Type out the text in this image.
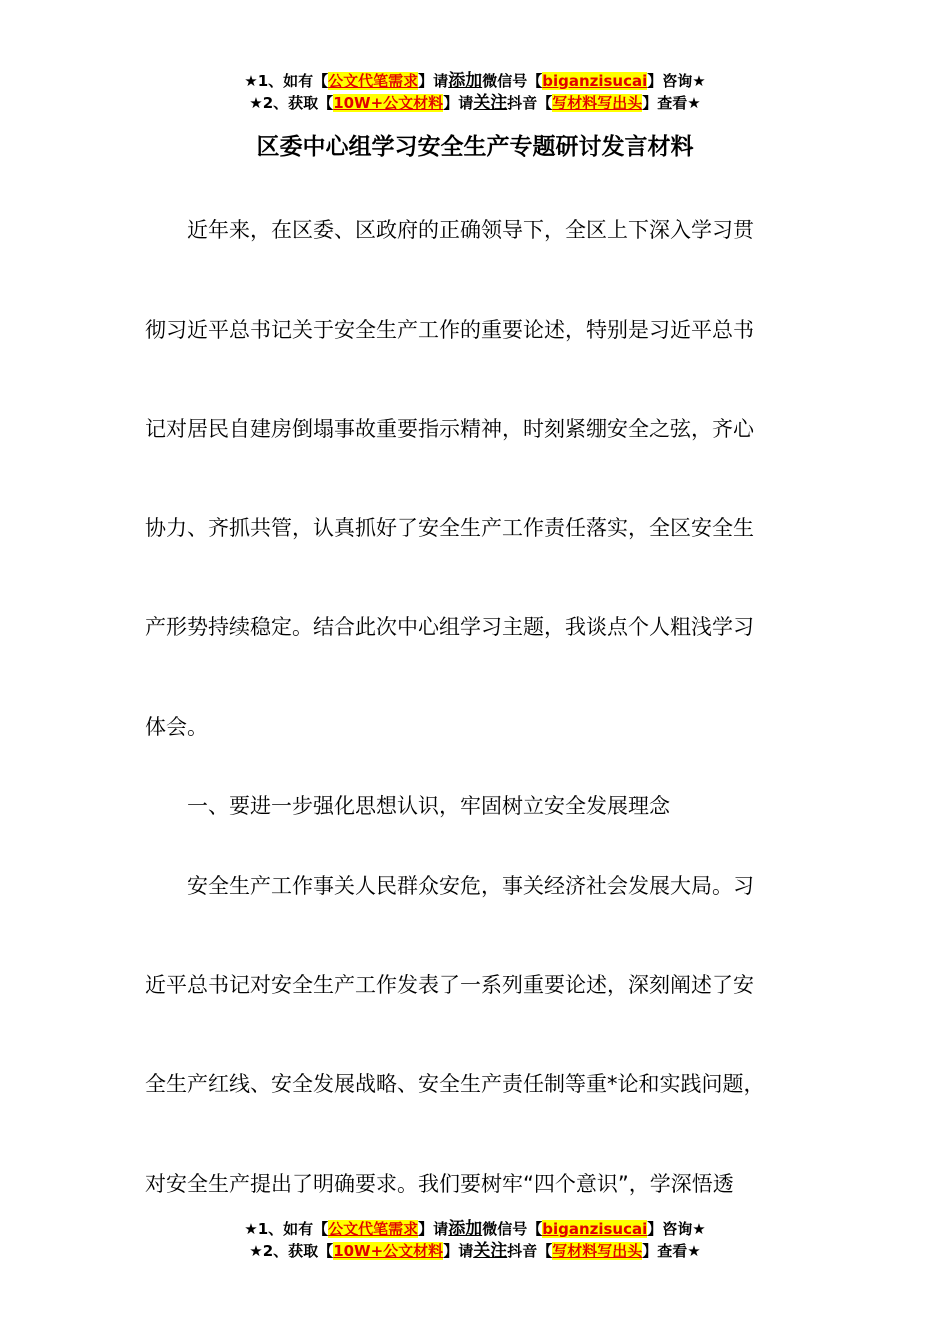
★1、如有【公文代笔需求】请添加微信号【biganzisucai】咨询★
★2、获取【10W+公文材料】请关注抖音【写材料写出头】查看★
区委中心组学习安全生产专题研讨发言材料
　　近年来，在区委、区政府的正确领导下，全区上下深入学习贯
彻习近平总书记关于安全生产工作的重要论述，特别是习近平总书
记对居民自建房倒塌事故重要指示精神，时刻紧绷安全之弦，齐心
协力、齐抓共管，认真抓好了安全生产工作责任落实，全区安全生
产形势持续稳定。结合此次中心组学习主题，我谈点个人粗浅学习
体会。
　　一、要进一步强化思想认识，牢固树立安全发展理念
　　安全生产工作事关人民群众安危，事关经济社会发展大局。习
近平总书记对安全生产工作发表了一系列重要论述，深刻阐述了安
全生产红线、安全发展战略、安全生产责任制等重*论和实践问题，
对安全生产提出了明确要求。我们要树牢“四个意识”，学深悟透
★1、如有【公文代笔需求】请添加微信号【biganzisucai】咨询★
★2、获取【10W+公文材料】请关注抖音【写材料写出头】查看★
